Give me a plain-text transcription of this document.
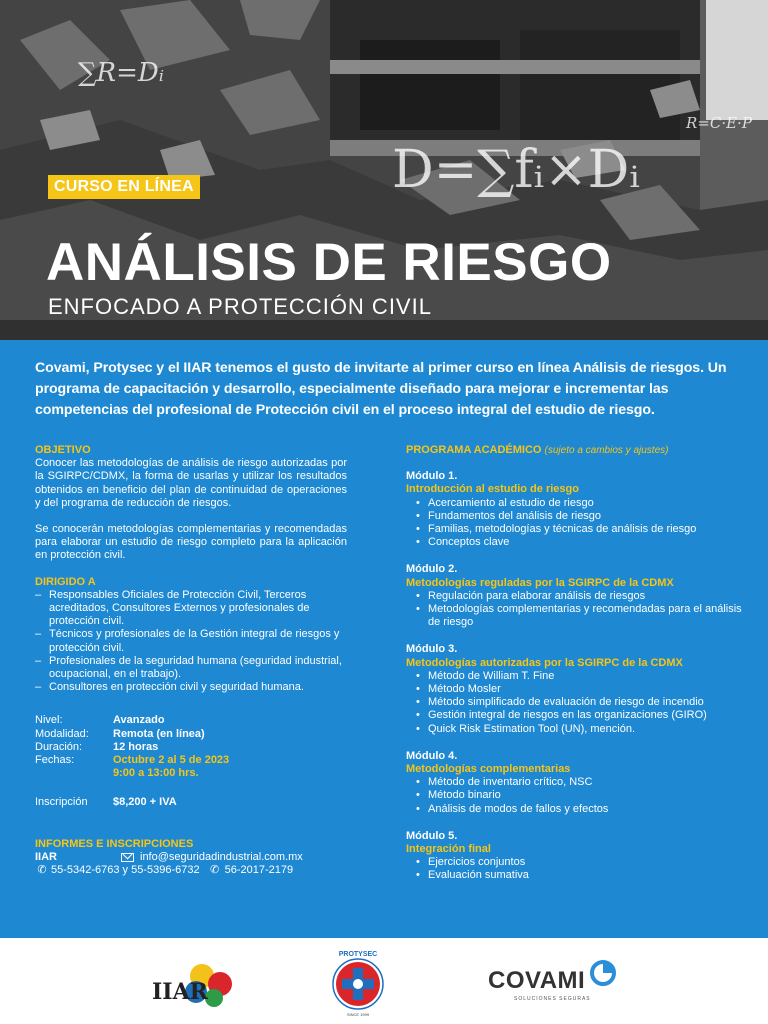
∑R=Dᵢ
D=∑fᵢ×Dᵢ
R=C·E·P
CURSO EN LÍNEA
ANÁLISIS DE RIESGO
ENFOCADO A PROTECCIÓN CIVIL
Covami, Protysec y el IIAR tenemos el gusto de invitarte al primer curso en línea Análisis de riesgos. Un programa de capacitación y desarrollo, especialmente diseñado para mejorar e incrementar las competencias del profesional de Protección civil en el proceso integral del estudio de riesgo.
OBJETIVO
Conocer las metodologías de análisis de riesgo autorizadas por la SGIRPC/CDMX, la forma de usarlas y utilizar los resultados obtenidos en beneficio del plan de continuidad de operaciones y del programa de reducción de riesgos.
Se conocerán metodologías complementarias y recomendadas para elaborar un estudio de riesgo completo para la aplicación en protección civil.
DIRIGIDO A
– Responsables Oficiales de Protección Civil, Terceros acreditados, Consultores Externos y profesionales de protección civil.
– Técnicos y profesionales de la Gestión integral de riesgos y protección civil.
– Profesionales de la seguridad humana (seguridad industrial, ocupacional, en el trabajo).
– Consultores en protección civil y seguridad humana.
Nivel:	Avanzado
Modalidad:	Remota (en línea)
Duración:	12 horas
Fechas:	Octubre 2 al 5 de 2023
9:00 a 13:00 hrs.
Inscripción	$8,200 + IVA
INFORMES E INSCRIPCIONES
IIAR	info@seguridadindustrial.com.mx
✆ 55-5342-6763 y 55-5396-6732 ✆ 56-2017-2179
PROGRAMA ACADÉMICO (sujeto a cambios y ajustes)
Módulo 1.
Introducción al estudio de riesgo
• Acercamiento al estudio de riesgo
• Fundamentos del análisis de riesgo
• Familias, metodologías y técnicas de análisis de riesgo
• Conceptos clave
Módulo 2.
Metodologías reguladas por la SGIRPC de la CDMX
• Regulación para elaborar análisis de riesgos
• Metodologías complementarias y recomendadas para el análisis de riesgo
Módulo 3.
Metodologías autorizadas por la SGIRPC de la CDMX
• Método de William T. Fine
• Método Mosler
• Método simplificado de evaluación de riesgo de incendio
• Gestión integral de riesgos en las organizaciones (GIRO)
• Quick Risk Estimation Tool (UN), mención.
Módulo 4.
Metodologías complementarias
• Método de inventario crítico, NSC
• Método binario
• Análisis de modos de fallos y efectos
Módulo 5.
Integración final
• Ejercicios conjuntos
• Evaluación sumativa
IIAR
SINCE 1999
PROTYSEC
COVAMI
SOLUCIONES SEGURAS
